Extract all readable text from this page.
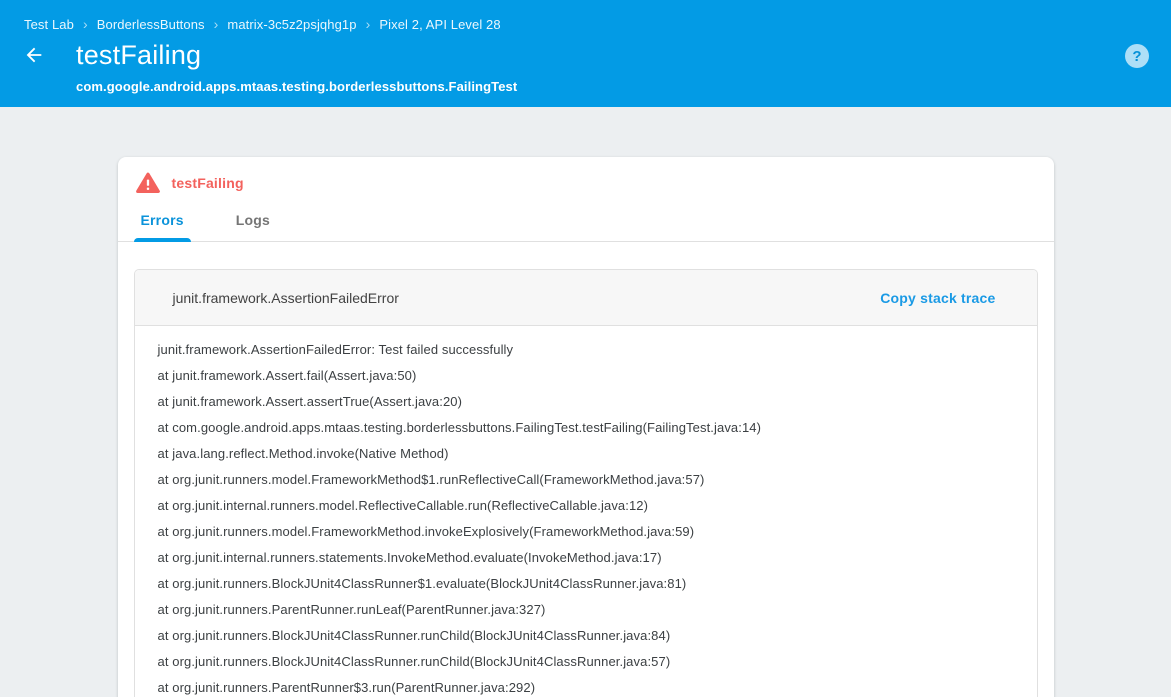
Test Lab › BorderlessButtons › matrix-3c5z2psjqhg1p › Pixel 2, API Level 28
testFailing
com.google.android.apps.mtaas.testing.borderlessbuttons.FailingTest
?
testFailing
Errors	Logs
junit.framework.AssertionFailedError	Copy stack trace
junit.framework.AssertionFailedError: Test failed successfully
at junit.framework.Assert.fail(Assert.java:50)
at junit.framework.Assert.assertTrue(Assert.java:20)
at com.google.android.apps.mtaas.testing.borderlessbuttons.FailingTest.testFailing(FailingTest.java:14)
at java.lang.reflect.Method.invoke(Native Method)
at org.junit.runners.model.FrameworkMethod$1.runReflectiveCall(FrameworkMethod.java:57)
at org.junit.internal.runners.model.ReflectiveCallable.run(ReflectiveCallable.java:12)
at org.junit.runners.model.FrameworkMethod.invokeExplosively(FrameworkMethod.java:59)
at org.junit.internal.runners.statements.InvokeMethod.evaluate(InvokeMethod.java:17)
at org.junit.runners.BlockJUnit4ClassRunner$1.evaluate(BlockJUnit4ClassRunner.java:81)
at org.junit.runners.ParentRunner.runLeaf(ParentRunner.java:327)
at org.junit.runners.BlockJUnit4ClassRunner.runChild(BlockJUnit4ClassRunner.java:84)
at org.junit.runners.BlockJUnit4ClassRunner.runChild(BlockJUnit4ClassRunner.java:57)
at org.junit.runners.ParentRunner$3.run(ParentRunner.java:292)
